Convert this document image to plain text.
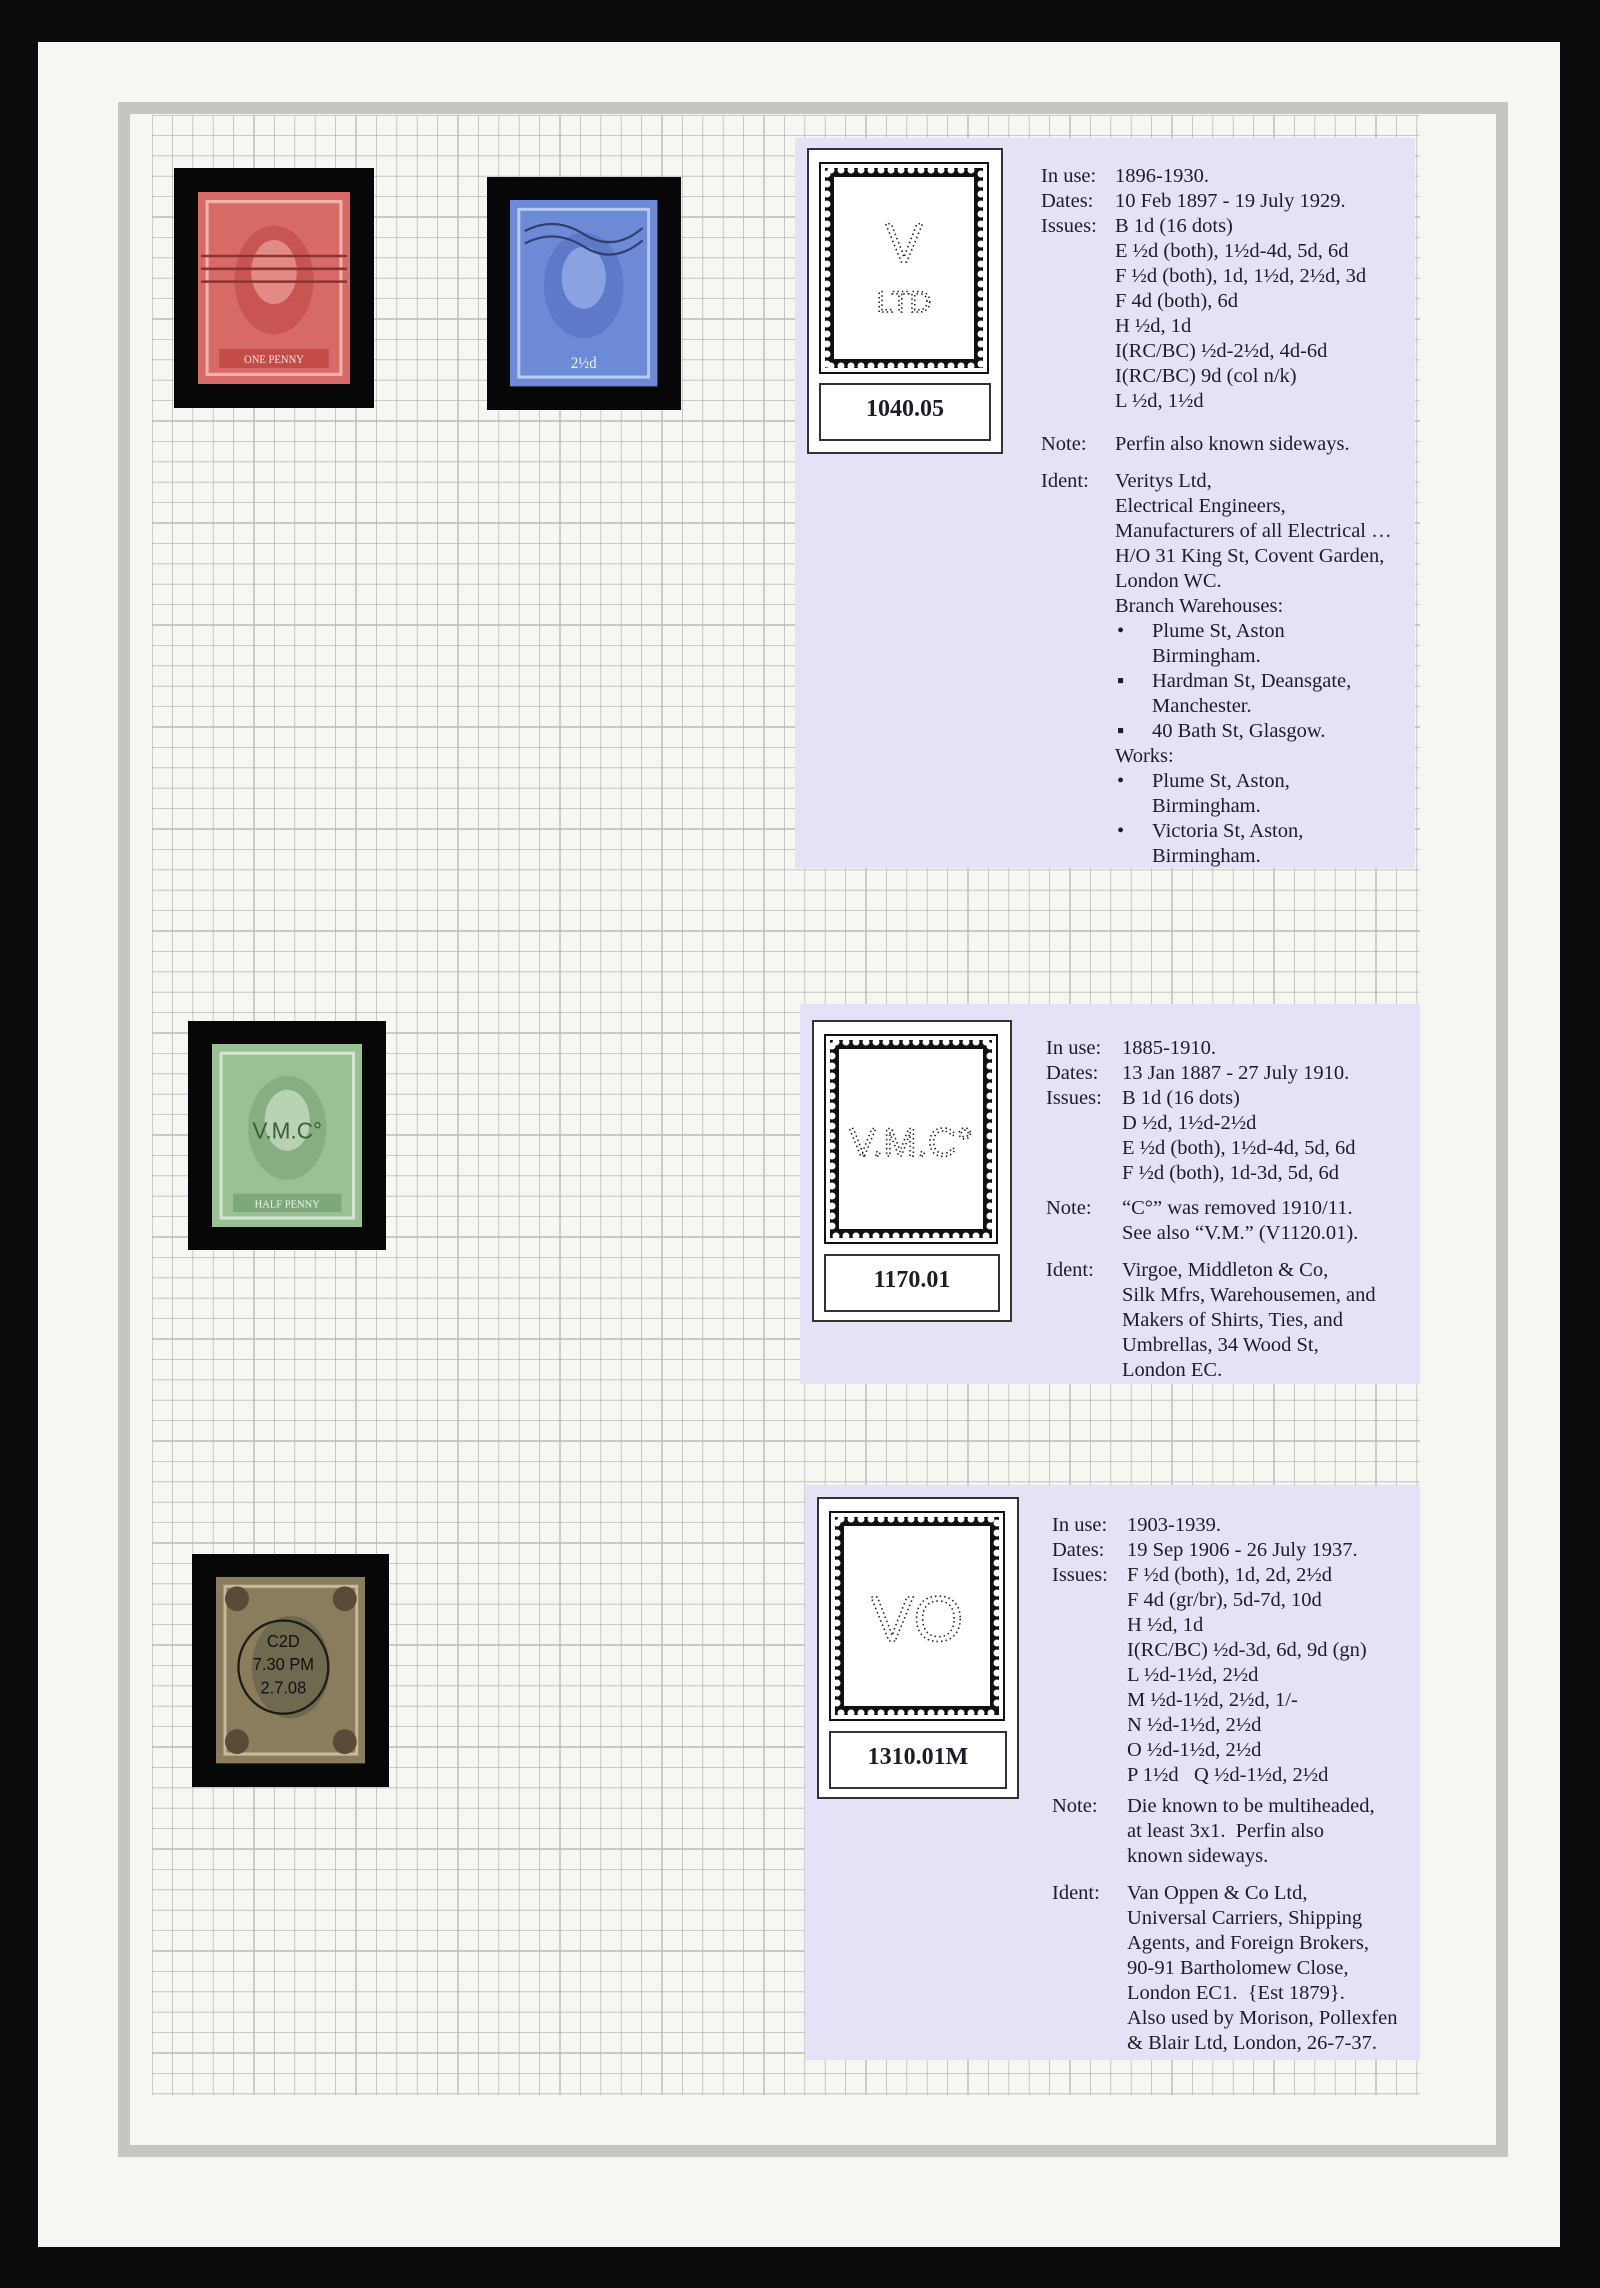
ONE PENNY	2½d
V.M.C°
HALF PENNY
C2D
7.30 PM
2.7.08
V
LTD
1040.05
In use: 1896-1930.
Dates:	10 Feb 1897 - 19 July 1929.
Issues: B 1d (16 dots)
E ½d (both), 1½d-4d, 5d, 6d
F ½d (both), 1d, 1½d, 2½d, 3d
F 4d (both), 6d
H ½d, 1d
I(RC/BC) ½d-2½d, 4d-6d
I(RC/BC) 9d (col n/k)
L ½d, 1½d
Note:	Perfin also known sideways.
Ident:	Veritys Ltd,
Electrical Engineers,
Manufacturers of all Electrical …
H/O 31 King St, Covent Garden,
London WC.
Branch Warehouses:
• Plume St, Aston
Birmingham.
▪ Hardman St, Deansgate,
Manchester.
▪ 40 Bath St, Glasgow.
Works:
• Plume St, Aston,
Birmingham.
• Victoria St, Aston,
Birmingham.
V.M.C°
1170.01
In use:	1885-1910.
Dates:	13 Jan 1887 - 27 July 1910.
Issues: B 1d (16 dots)
D ½d, 1½d-2½d
E ½d (both), 1½d-4d, 5d, 6d
F ½d (both), 1d-3d, 5d, 6d
Note:	“C°” was removed 1910/11.
See also “V.M.” (V1120.01).
Ident:	Virgoe, Middleton & Co,
Silk Mfrs, Warehousemen, and
Makers of Shirts, Ties, and
Umbrellas, 34 Wood St,
London EC.
VO
1310.01M
In use: 1903-1939.
Dates:	19 Sep 1906 - 26 July 1937.
Issues: F ½d (both), 1d, 2d, 2½d
F 4d (gr/br), 5d-7d, 10d
H ½d, 1d
I(RC/BC) ½d-3d, 6d, 9d (gn)
L ½d-1½d, 2½d
M ½d-1½d, 2½d, 1/-
N ½d-1½d, 2½d
O ½d-1½d, 2½d
P 1½d   Q ½d-1½d, 2½d
Note:	Die known to be multiheaded,
at least 3x1.  Perfin also
known sideways.
Ident:	Van Oppen & Co Ltd,
Universal Carriers, Shipping
Agents, and Foreign Brokers,
90-91 Bartholomew Close,
London EC1.  {Est 1879}.
Also used by Morison, Pollexfen
& Blair Ltd, London, 26-7-37.
